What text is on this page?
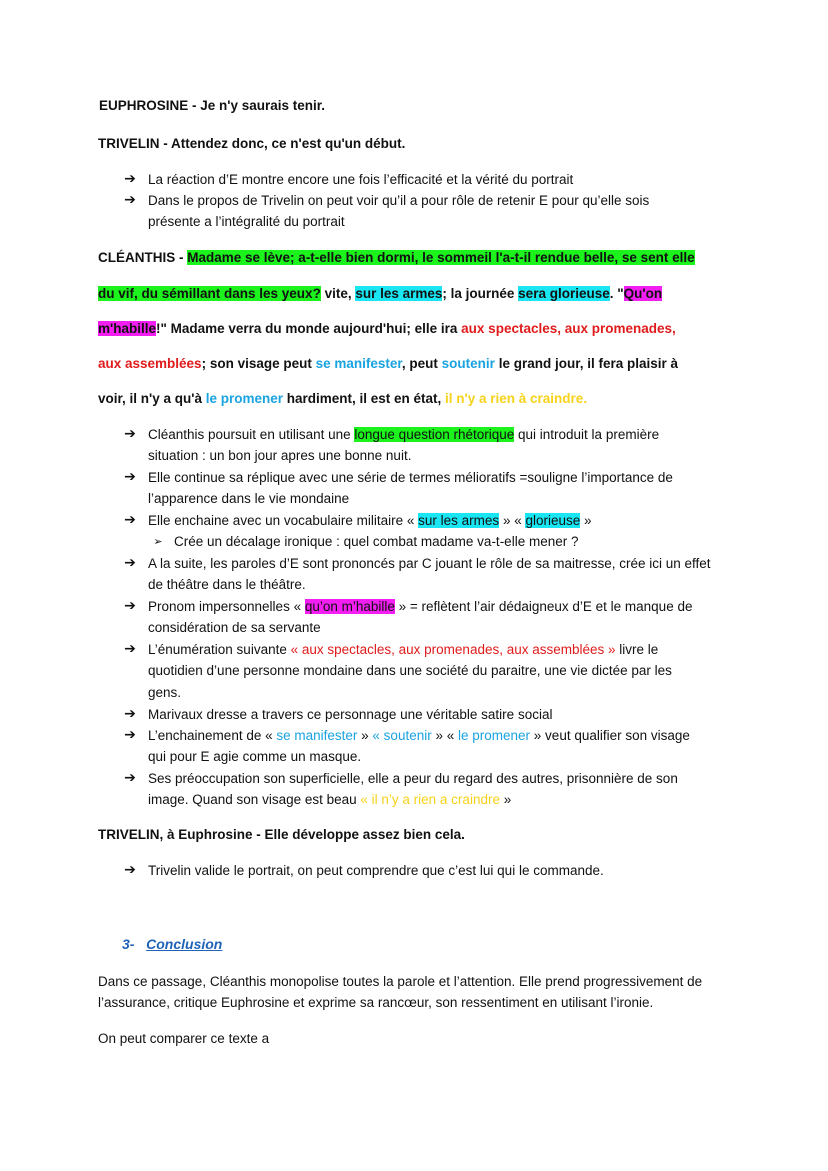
EUPHROSINE - Je n'y saurais tenir.
TRIVELIN - Attendez donc, ce n'est qu'un début.
➔ La réaction d’E montre encore une fois l’efficacité et la vérité du portrait
➔ Dans le propos de Trivelin on peut voir qu’il a pour rôle de retenir E pour qu’elle sois
présente a l’intégralité du portrait
CLÉANTHIS - Madame se lève; a-t-elle bien dormi, le sommeil l'a-t-il rendue belle, se sent elle
du vif, du sémillant dans les yeux? vite, sur les armes; la journée sera glorieuse. "Qu'on
m'habille!" Madame verra du monde aujourd'hui; elle ira aux spectacles, aux promenades,
aux assemblées; son visage peut se manifester, peut soutenir le grand jour, il fera plaisir à
voir, il n'y a qu'à le promener hardiment, il est en état, il n'y a rien à craindre.
➔ Cléanthis poursuit en utilisant une longue question rhétorique qui introduit la première
situation : un bon jour apres une bonne nuit.
➔ Elle continue sa réplique avec une série de termes mélioratifs =souligne l’importance de
l’apparence dans le vie mondaine
➔ Elle enchaine avec un vocabulaire militaire « sur les armes » « glorieuse »
➢ Crée un décalage ironique : quel combat madame va-t-elle mener ?
➔ A la suite, les paroles d’E sont prononcés par C jouant le rôle de sa maitresse, crée ici un effet
de théâtre dans le théâtre.
➔ Pronom impersonnelles « qu’on m’habille » = reflètent l’air dédaigneux d’E et le manque de
considération de sa servante
➔ L’énumération suivante « aux spectacles, aux promenades, aux assemblées » livre le
quotidien d’une personne mondaine dans une société du paraitre, une vie dictée par les
gens.
➔ Marivaux dresse a travers ce personnage une véritable satire social
➔ L’enchainement de « se manifester » « soutenir » « le promener » veut qualifier son visage
qui pour E agie comme un masque.
➔ Ses préoccupation son superficielle, elle a peur du regard des autres, prisonnière de son
image. Quand son visage est beau « il n’y a rien a craindre »
TRIVELIN, à Euphrosine - Elle développe assez bien cela.
➔ Trivelin valide le portrait, on peut comprendre que c’est lui qui le commande.
3- Conclusion
Dans ce passage, Cléanthis monopolise toutes la parole et l’attention. Elle prend progressivement de
l’assurance, critique Euphrosine et exprime sa rancœur, son ressentiment en utilisant l’ironie.
On peut comparer ce texte a
